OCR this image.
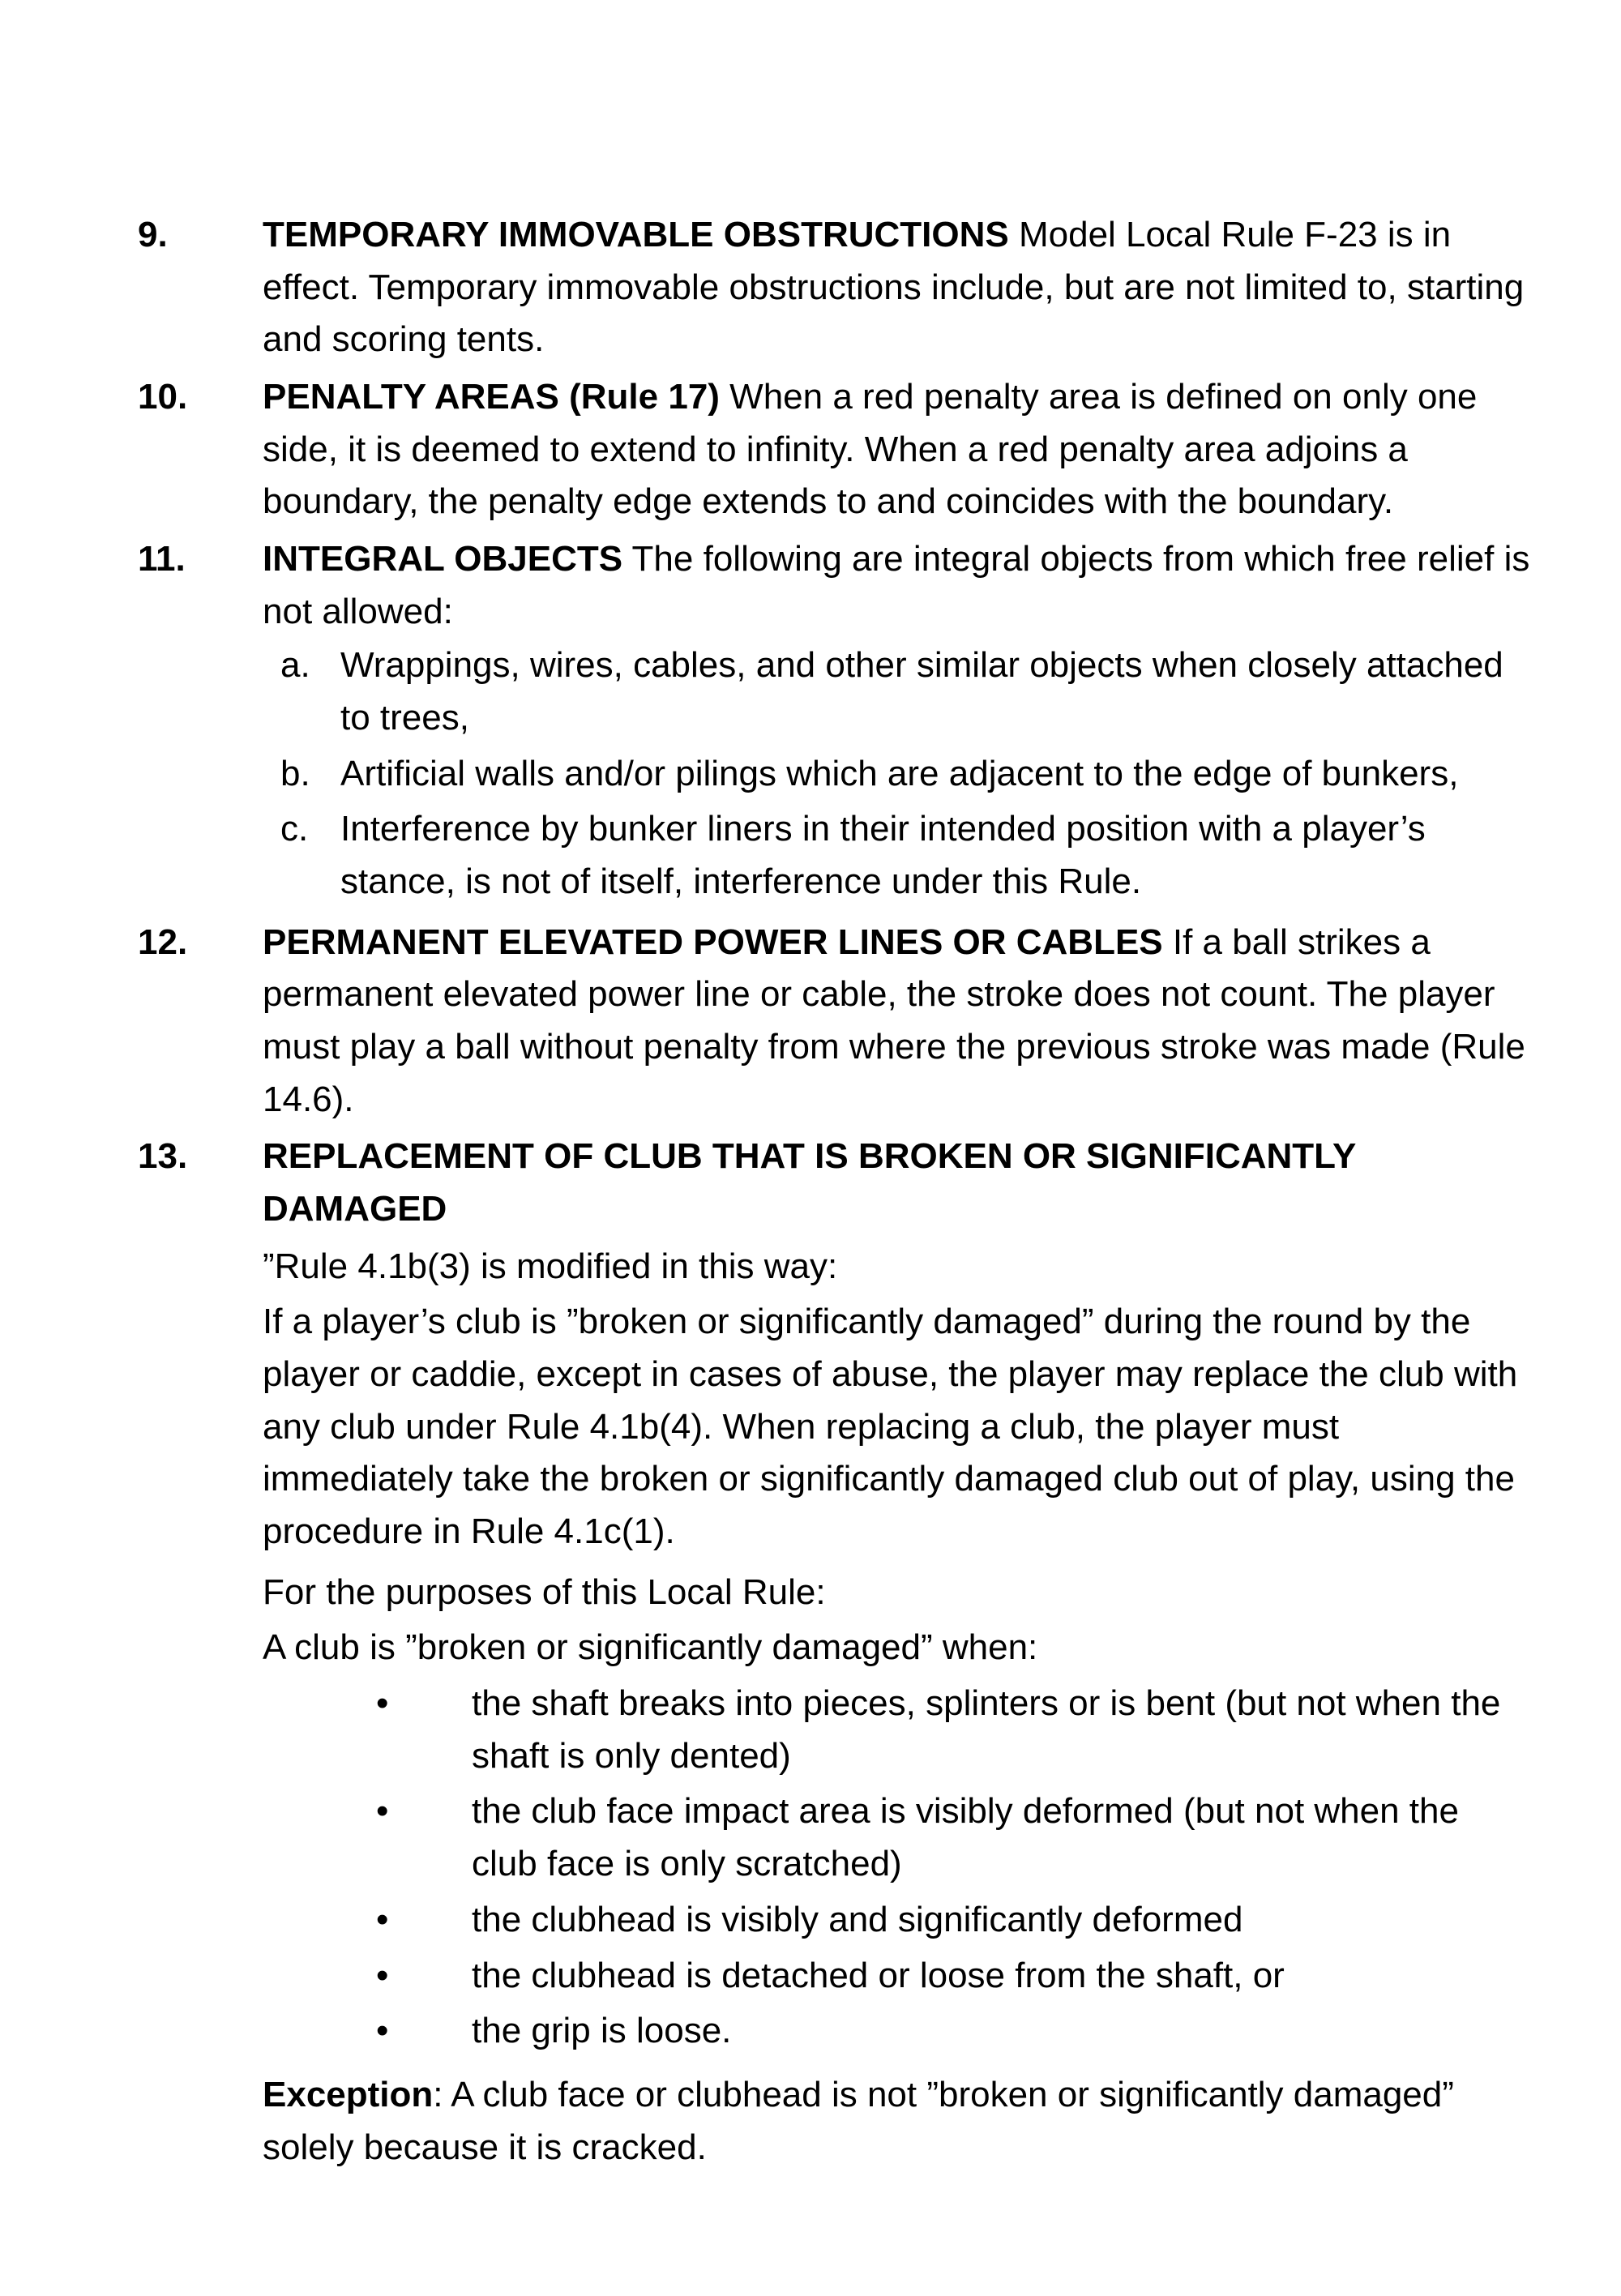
9.	TEMPORARY IMMOVABLE OBSTRUCTIONS Model Local Rule F-23 is in effect. Temporary immovable obstructions include, but are not limited to, starting and scoring tents.
10.	PENALTY AREAS (Rule 17) When a red penalty area is defined on only one side, it is deemed to extend to infinity. When a red penalty area adjoins a boundary, the penalty edge extends to and coincides with the boundary.
11.	INTEGRAL OBJECTS The following are integral objects from which free relief is not allowed:
a. Wrappings, wires, cables, and other similar objects when closely attached to trees,
b. Artificial walls and/or pilings which are adjacent to the edge of bunkers,
c. Interference by bunker liners in their intended position with a player’s stance, is not of itself, interference under this Rule.
12.	PERMANENT ELEVATED POWER LINES OR CABLES If a ball strikes a permanent elevated power line or cable, the stroke does not count. The player must play a ball without penalty from where the previous stroke was made (Rule 14.6).
13.	REPLACEMENT OF CLUB THAT IS BROKEN OR SIGNIFICANTLY DAMAGED
”Rule 4.1b(3) is modified in this way:
If a player’s club is ”broken or significantly damaged” during the round by the player or caddie, except in cases of abuse, the player may replace the club with any club under Rule 4.1b(4). When replacing a club, the player must immediately take the broken or significantly damaged club out of play, using the procedure in Rule 4.1c(1).
For the purposes of this Local Rule:
A club is ”broken or significantly damaged” when:
•	the shaft breaks into pieces, splinters or is bent (but not when the shaft is only dented)
•	the club face impact area is visibly deformed (but not when the club face is only scratched)
•	the clubhead is visibly and significantly deformed
•	the clubhead is detached or loose from the shaft, or
•	the grip is loose.
Exception: A club face or clubhead is not ”broken or significantly damaged” solely because it is cracked.
